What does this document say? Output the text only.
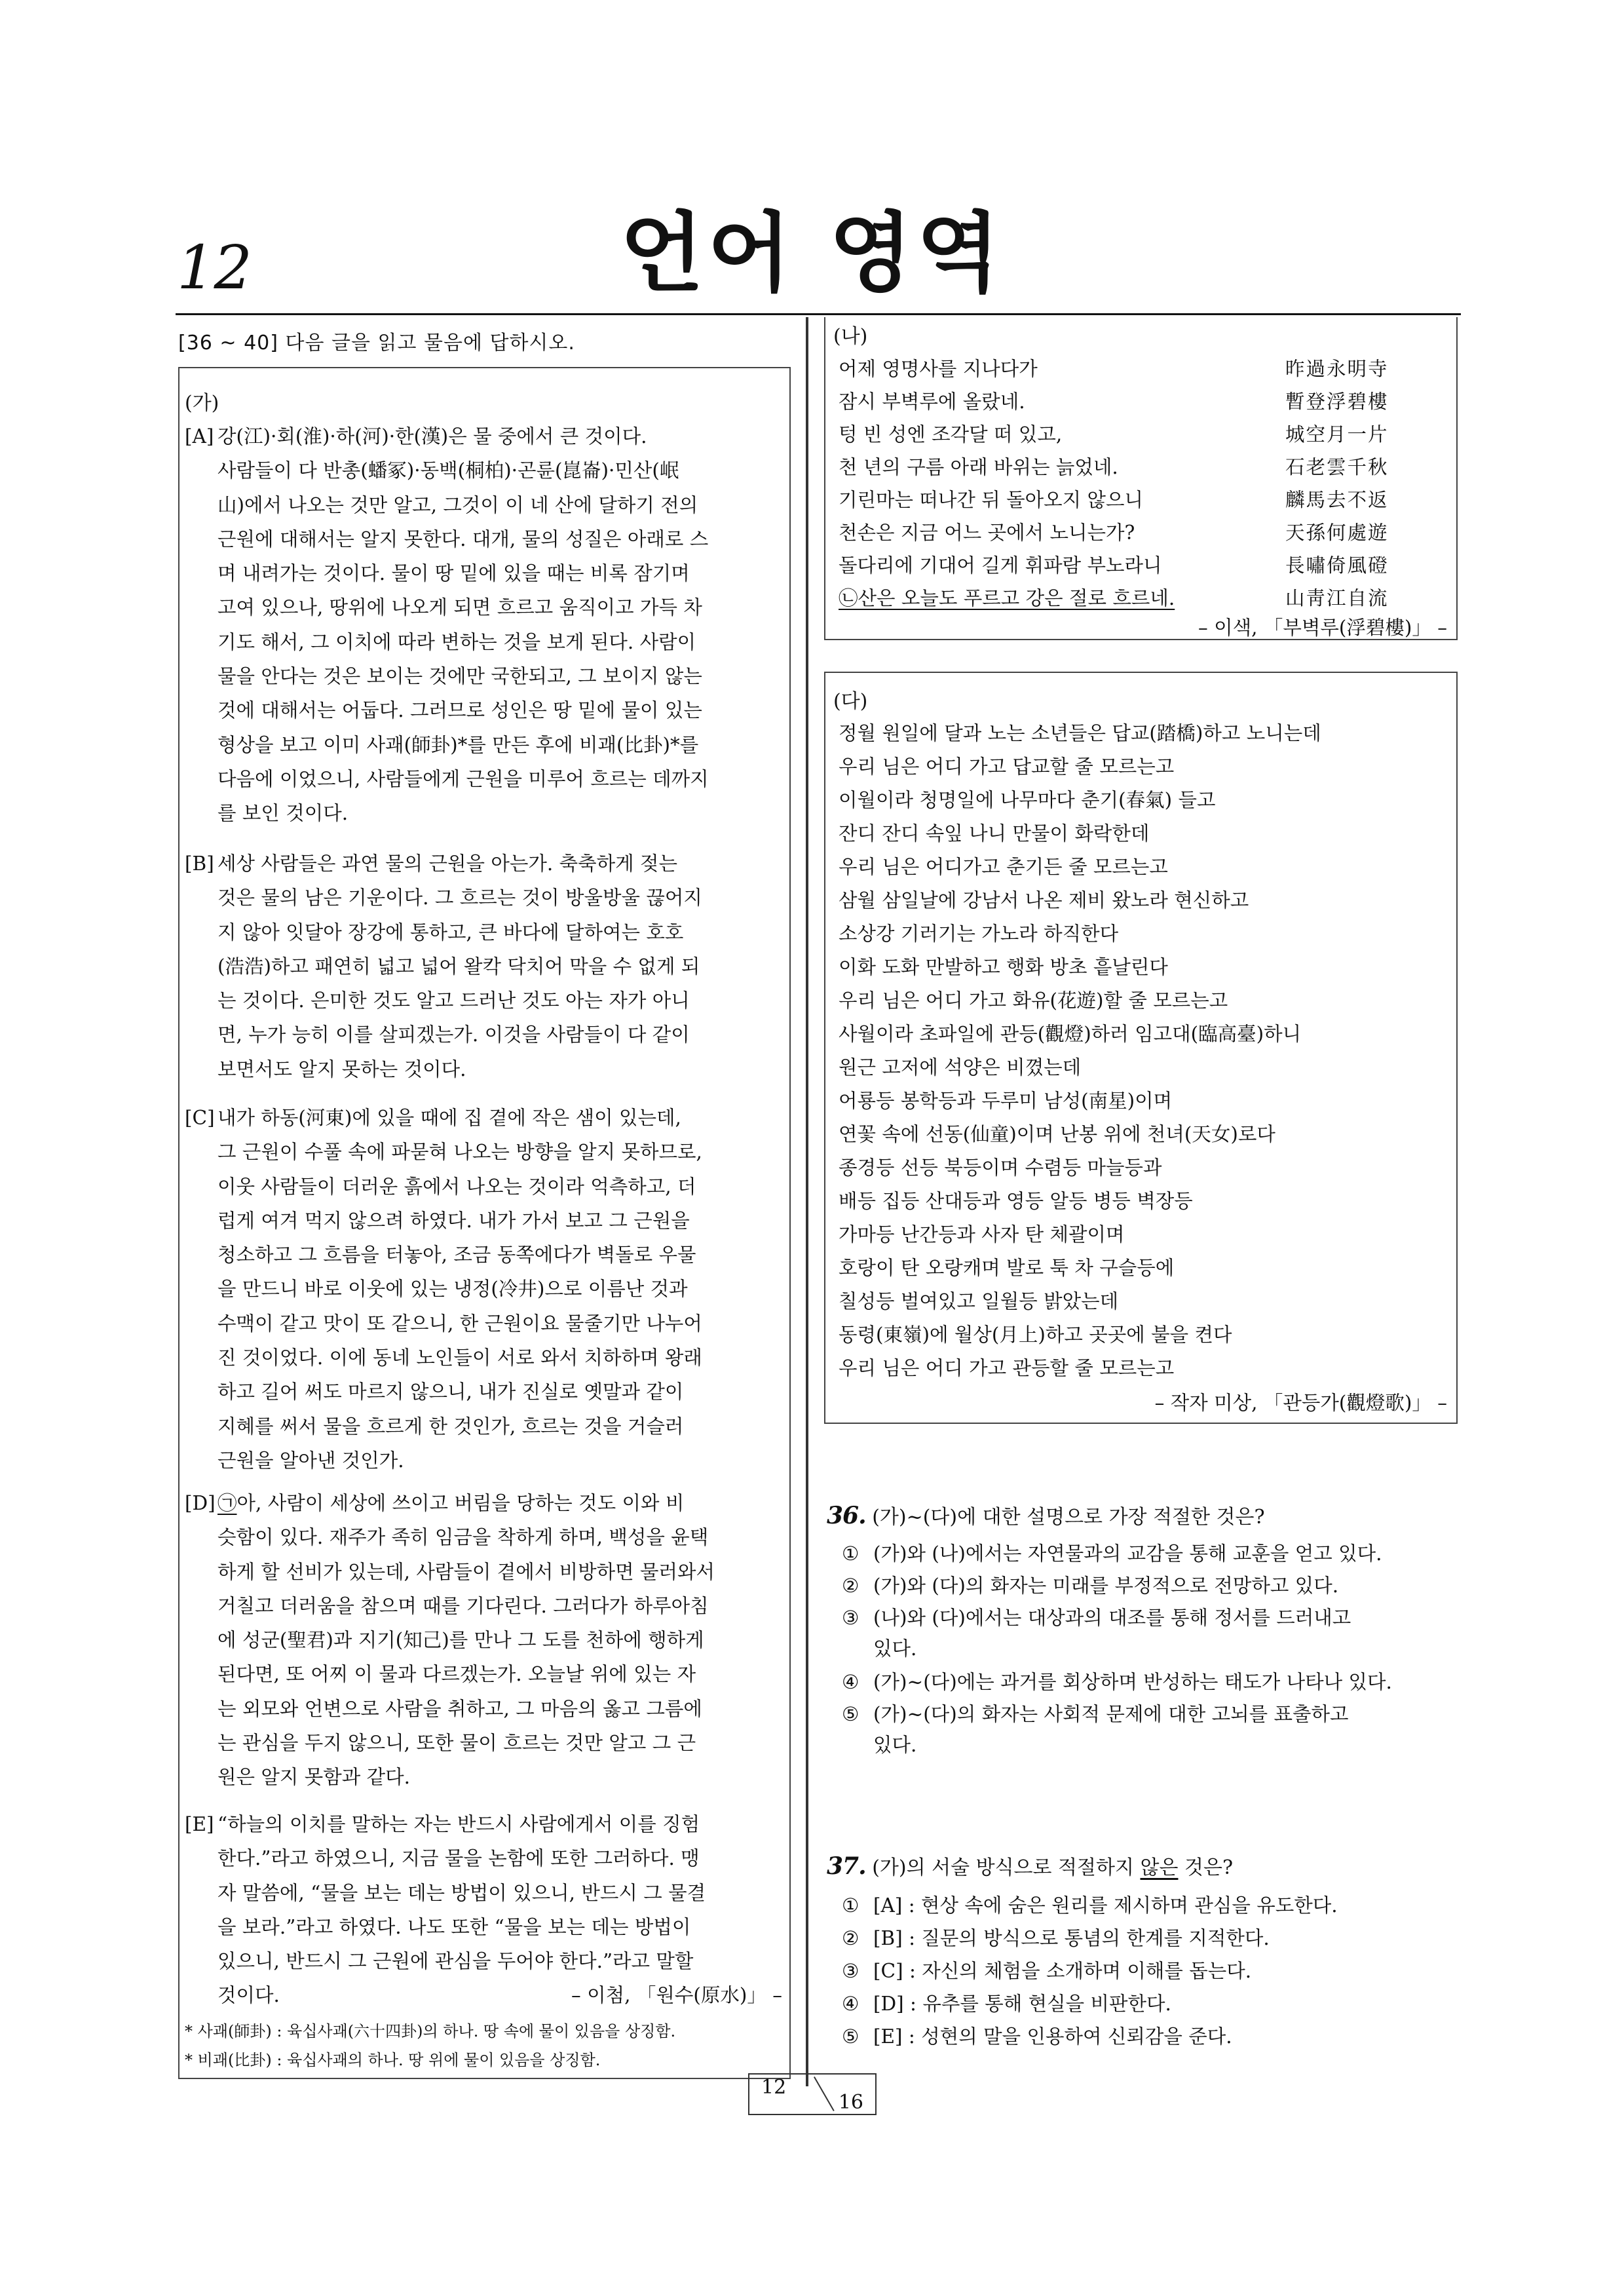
12	언어 영역
[36 ~ 40] 다음 글을 읽고 물음에 답하시오.
(가)
[A] 강(江)·회(淮)·하(河)·한(漢)은 물 중에서 큰 것이다.
사람들이 다 반총(蟠冢)·동백(桐柏)·곤륜(崑崙)·민산(岷
山)에서 나오는 것만 알고, 그것이 이 네 산에 달하기 전의
근원에 대해서는 알지 못한다. 대개, 물의 성질은 아래로 스
며 내려가는 것이다. 물이 땅 밑에 있을 때는 비록 잠기며
고여 있으나, 땅위에 나오게 되면 흐르고 움직이고 가득 차
기도 해서, 그 이치에 따라 변하는 것을 보게 된다. 사람이
물을 안다는 것은 보이는 것에만 국한되고, 그 보이지 않는
것에 대해서는 어둡다. 그러므로 성인은 땅 밑에 물이 있는
형상을 보고 이미 사괘(師卦)*를 만든 후에 비괘(比卦)*를
다음에 이었으니, 사람들에게 근원을 미루어 흐르는 데까지
를 보인 것이다.
[B] 세상 사람들은 과연 물의 근원을 아는가. 축축하게 젖는
것은 물의 남은 기운이다. 그 흐르는 것이 방울방울 끊어지
지 않아 잇달아 장강에 통하고, 큰 바다에 달하여는 호호
(浩浩)하고 패연히 넓고 넓어 왈칵 닥치어 막을 수 없게 되
는 것이다. 은미한 것도 알고 드러난 것도 아는 자가 아니
면, 누가 능히 이를 살피겠는가. 이것을 사람들이 다 같이
보면서도 알지 못하는 것이다.
[C] 내가 하동(河東)에 있을 때에 집 곁에 작은 샘이 있는데,
그 근원이 수풀 속에 파묻혀 나오는 방향을 알지 못하므로,
이웃 사람들이 더러운 흙에서 나오는 것이라 억측하고, 더
럽게 여겨 먹지 않으려 하였다. 내가 가서 보고 그 근원을
청소하고 그 흐름을 터놓아, 조금 동쪽에다가 벽돌로 우물
을 만드니 바로 이웃에 있는 냉정(冷井)으로 이름난 것과
수맥이 같고 맛이 또 같으니, 한 근원이요 물줄기만 나누어
진 것이었다. 이에 동네 노인들이 서로 와서 치하하며 왕래
하고 길어 써도 마르지 않으니, 내가 진실로 옛말과 같이
지혜를 써서 물을 흐르게 한 것인가, 흐르는 것을 거슬러
근원을 알아낸 것인가.
[D] ㉠아, 사람이 세상에 쓰이고 버림을 당하는 것도 이와 비
슷함이 있다. 재주가 족히 임금을 착하게 하며, 백성을 윤택
하게 할 선비가 있는데, 사람들이 곁에서 비방하면 물러와서
거칠고 더러움을 참으며 때를 기다린다. 그러다가 하루아침
에 성군(聖君)과 지기(知己)를 만나 그 도를 천하에 행하게
된다면, 또 어찌 이 물과 다르겠는가. 오늘날 위에 있는 자
는 외모와 언변으로 사람을 취하고, 그 마음의 옳고 그름에
는 관심을 두지 않으니, 또한 물이 흐르는 것만 알고 그 근
원은 알지 못함과 같다.
[E] “하늘의 이치를 말하는 자는 반드시 사람에게서 이를 징험
한다.”라고 하였으니, 지금 물을 논함에 또한 그러하다. 맹
자 말씀에, “물을 보는 데는 방법이 있으니, 반드시 그 물결
을 보라.”라고 하였다. 나도 또한 “물을 보는 데는 방법이
있으니, 반드시 그 근원에 관심을 두어야 한다.”라고 말할
것이다.	– 이첨, 「원수(原水)」 –
* 사괘(師卦) : 육십사괘(六十四卦)의 하나. 땅 속에 물이 있음을 상징함.
* 비괘(比卦) : 육십사괘의 하나. 땅 위에 물이 있음을 상징함.
(나)
어제 영명사를 지나다가	昨過永明寺
잠시 부벽루에 올랐네.	暫登浮碧樓
텅 빈 성엔 조각달 떠 있고,	城空月一片
천 년의 구름 아래 바위는 늙었네.	石老雲千秋
기린마는 떠나간 뒤 돌아오지 않으니	麟馬去不返
천손은 지금 어느 곳에서 노니는가?	天孫何處遊
돌다리에 기대어 길게 휘파람 부노라니	長嘯倚風磴
㉡산은 오늘도 푸르고 강은 절로 흐르네.	山靑江自流
– 이색, 「부벽루(浮碧樓)」 –
(다)
정월 원일에 달과 노는 소년들은 답교(踏橋)하고 노니는데
우리 님은 어디 가고 답교할 줄 모르는고
이월이라 청명일에 나무마다 춘기(春氣) 들고
잔디 잔디 속잎 나니 만물이 화락한데
우리 님은 어디가고 춘기든 줄 모르는고
삼월 삼일날에 강남서 나온 제비 왔노라 현신하고
소상강 기러기는 가노라 하직한다
이화 도화 만발하고 행화 방초 흩날린다
우리 님은 어디 가고 화유(花遊)할 줄 모르는고
사월이라 초파일에 관등(觀燈)하러 임고대(臨高臺)하니
원근 고저에 석양은 비꼈는데
어룡등 봉학등과 두루미 남성(南星)이며
연꽃 속에 선동(仙童)이며 난봉 위에 천녀(天女)로다
종경등 선등 북등이며 수렴등 마늘등과
배등 집등 산대등과 영등 알등 병등 벽장등
가마등 난간등과 사자 탄 체괄이며
호랑이 탄 오랑캐며 발로 툭 차 구슬등에
칠성등 벌여있고 일월등 밝았는데
동령(東嶺)에 월상(月上)하고 곳곳에 불을 켠다
우리 님은 어디 가고 관등할 줄 모르는고
– 작자 미상, 「관등가(觀燈歌)」 –
36. (가)~(다)에 대한 설명으로 가장 적절한 것은?
① (가)와 (나)에서는 자연물과의 교감을 통해 교훈을 얻고 있다.
② (가)와 (다)의 화자는 미래를 부정적으로 전망하고 있다.
③ (나)와 (다)에서는 대상과의 대조를 통해 정서를 드러내고
있다.
④ (가)~(다)에는 과거를 회상하며 반성하는 태도가 나타나 있다.
⑤ (가)~(다)의 화자는 사회적 문제에 대한 고뇌를 표출하고
있다.
37. (가)의 서술 방식으로 적절하지 않은 것은?
① [A] : 현상 속에 숨은 원리를 제시하며 관심을 유도한다.
② [B] : 질문의 방식으로 통념의 한계를 지적한다.
③ [C] : 자신의 체험을 소개하며 이해를 돕는다.
④ [D] : 유추를 통해 현실을 비판한다.
⑤ [E] : 성현의 말을 인용하여 신뢰감을 준다.
12
16
